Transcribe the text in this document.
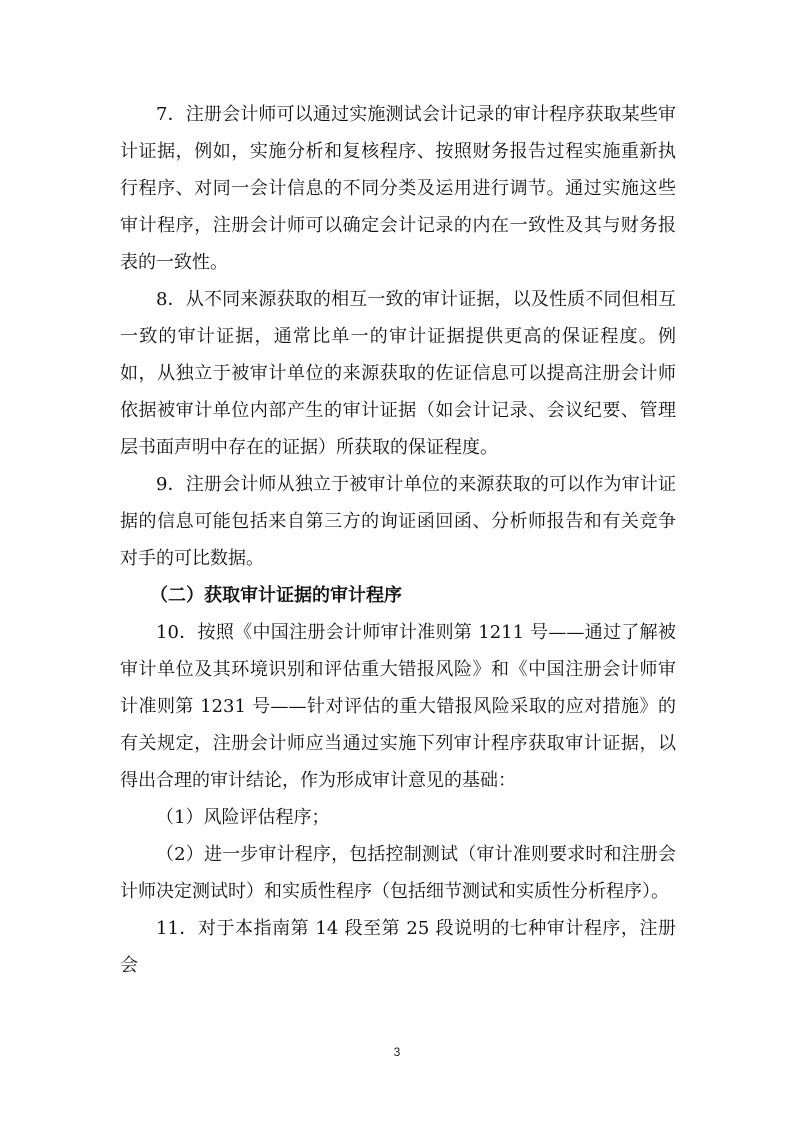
7．注册会计师可以通过实施测试会计记录的审计程序获取某些审计证据，例如，实施分析和复核程序、按照财务报告过程实施重新执行程序、对同一会计信息的不同分类及运用进行调节。通过实施这些审计程序，注册会计师可以确定会计记录的内在一致性及其与财务报表的一致性。

8．从不同来源获取的相互一致的审计证据，以及性质不同但相互一致的审计证据，通常比单一的审计证据提供更高的保证程度。例如，从独立于被审计单位的来源获取的佐证信息可以提高注册会计师依据被审计单位内部产生的审计证据（如会计记录、会议纪要、管理层书面声明中存在的证据）所获取的保证程度。

9．注册会计师从独立于被审计单位的来源获取的可以作为审计证据的信息可能包括来自第三方的询证函回函、分析师报告和有关竞争对手的可比数据。

（二）获取审计证据的审计程序

10．按照《中国注册会计师审计准则第 1211 号——通过了解被审计单位及其环境识别和评估重大错报风险》和《中国注册会计师审计准则第 1231 号——针对评估的重大错报风险采取的应对措施》的有关规定，注册会计师应当通过实施下列审计程序获取审计证据，以得出合理的审计结论，作为形成审计意见的基础：

（1）风险评估程序；

（2）进一步审计程序，包括控制测试（审计准则要求时和注册会计师决定测试时）和实质性程序（包括细节测试和实质性分析程序）。

11．对于本指南第 14 段至第 25 段说明的七种审计程序，注册会

3
